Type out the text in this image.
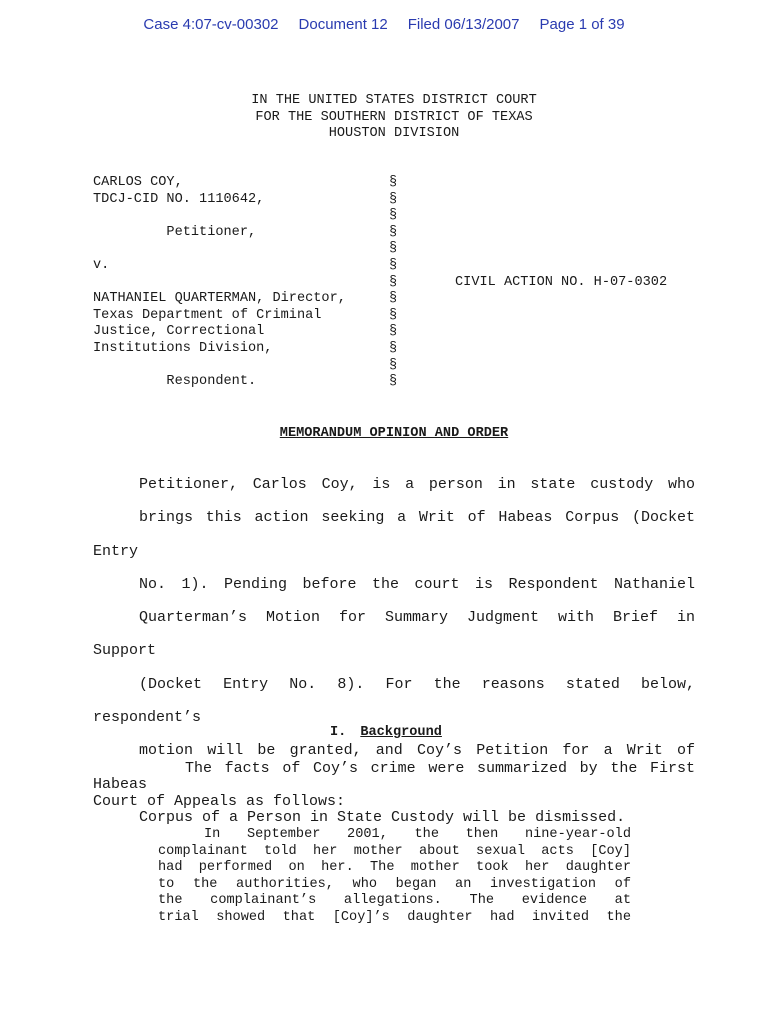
Case 4:07-cv-00302 Document 12 Filed 06/13/2007 Page 1 of 39
IN THE UNITED STATES DISTRICT COURT
FOR THE SOUTHERN DISTRICT OF TEXAS
HOUSTON DIVISION
CARLOS COY,
TDCJ-CID NO. 1110642,
Petitioner,
v.
NATHANIEL QUARTERMAN, Director,
Texas Department of Criminal
Justice, Correctional
Institutions Division,
Respondent.
§
§
§
§
§
§
§
§
§
§
§
§
§
CIVIL ACTION NO. H-07-0302
MEMORANDUM OPINION AND ORDER
Petitioner, Carlos Coy, is a person in state custody who
brings this action seeking a Writ of Habeas Corpus (Docket Entry
No. 1). Pending before the court is Respondent Nathaniel
Quarterman’s Motion for Summary Judgment with Brief in Support
(Docket Entry No. 8). For the reasons stated below, respondent’s
motion will be granted, and Coy’s Petition for a Writ of Habeas
Corpus of a Person in State Custody will be dismissed.
I. Background
The facts of Coy’s crime were summarized by the First
Court of Appeals as follows:
In September 2001, the then nine-year-old
complainant told her mother about sexual acts [Coy]
had performed on her. The mother took her daughter
to the authorities, who began an investigation of
the complainant’s allegations. The evidence at
trial showed that [Coy]’s daughter had invited the
